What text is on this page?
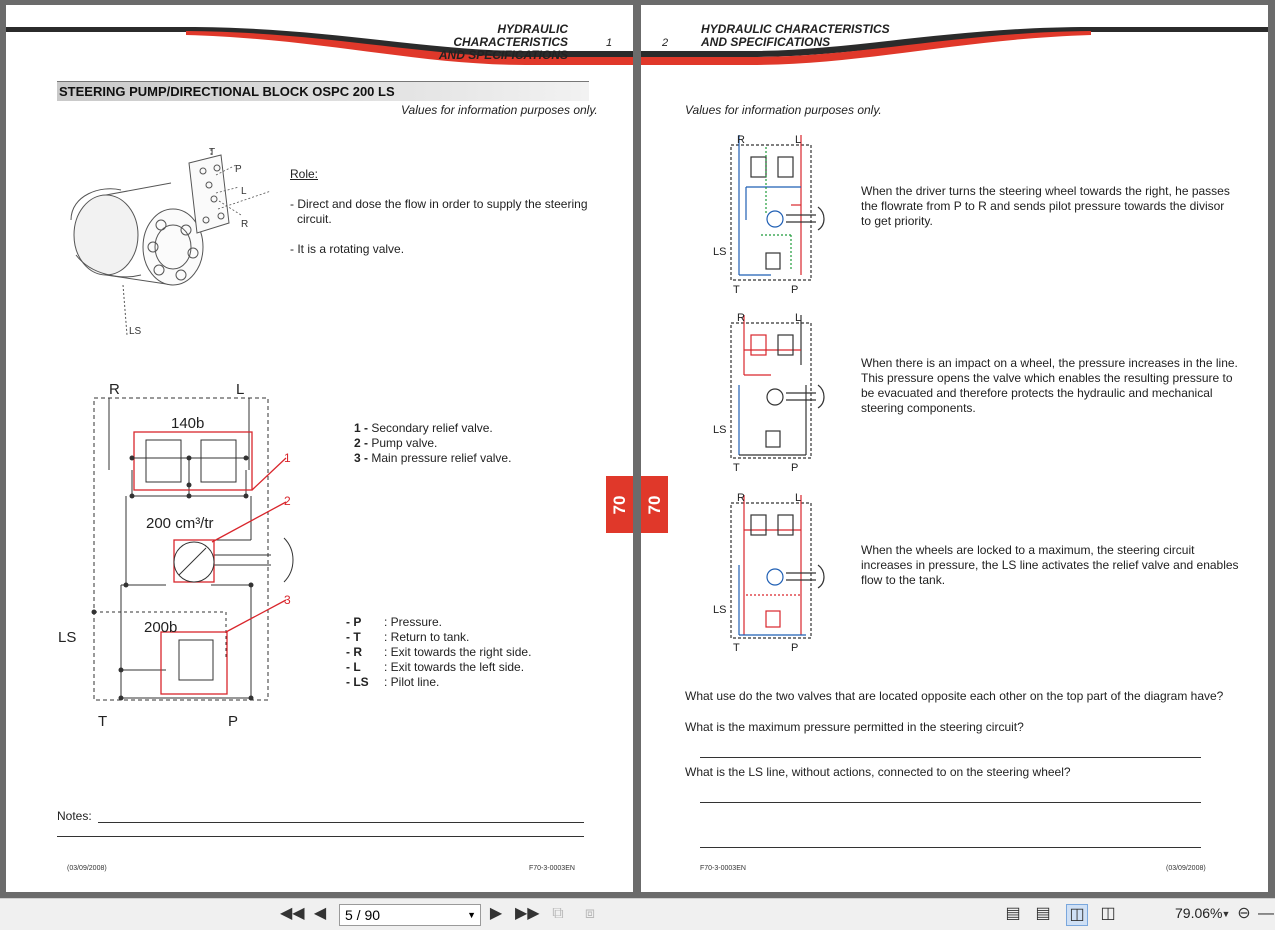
HYDRAULIC CHARACTERISTICS
AND SPECIFICATIONS
1
STEERING PUMP/DIRECTIONAL BLOCK OSPC 200 LS
Values for information purposes only.
T
P
L
R
LS
Role:
- Direct and dose the flow in order to supply the steering
circuit.
- It is a rotating valve.
R	L
140b
200 cm³/tr
200b
LS
T	P
1
2
3
1 - Secondary relief valve.
2 - Pump valve.
3 - Main pressure relief valve.
- P : Pressure.
- T : Return to tank.
- R : Exit towards the right side.
- L : Exit towards the left side.
- LS : Pilot line.
Notes:
(03/09/2008)	F70-3-0003EN
70
2
HYDRAULIC CHARACTERISTICS
AND SPECIFICATIONS
Values for information purposes only.
R	L
LS
T	P
R	L
LS
T	P
R	L
LS
T	P
When the driver turns the steering wheel towards the right, he passes
the flowrate from P to R and sends pilot pressure towards the divisor
to get priority.
When there is an impact on a wheel, the pressure increases in the line.
This pressure opens the valve which enables the resulting pressure to
be evacuated and therefore protects the hydraulic and mechanical
steering components.
When the wheels are locked to a maximum, the steering circuit
increases in pressure, the LS line activates the relief valve and enables
flow to the tank.
What use do the two valves that are located opposite each other on the top part of the diagram have?
What is the maximum pressure permitted in the steering circuit?
What is the LS line, without actions, connected to on the steering wheel?
F70-3-0003EN	(03/09/2008)
70
◀◀ ◀	5 / 90	▼ ▶ ▶▶ ⧉	⧈	▤ ▤ ◫ ◫	79.06% ▼ ⊖ —
